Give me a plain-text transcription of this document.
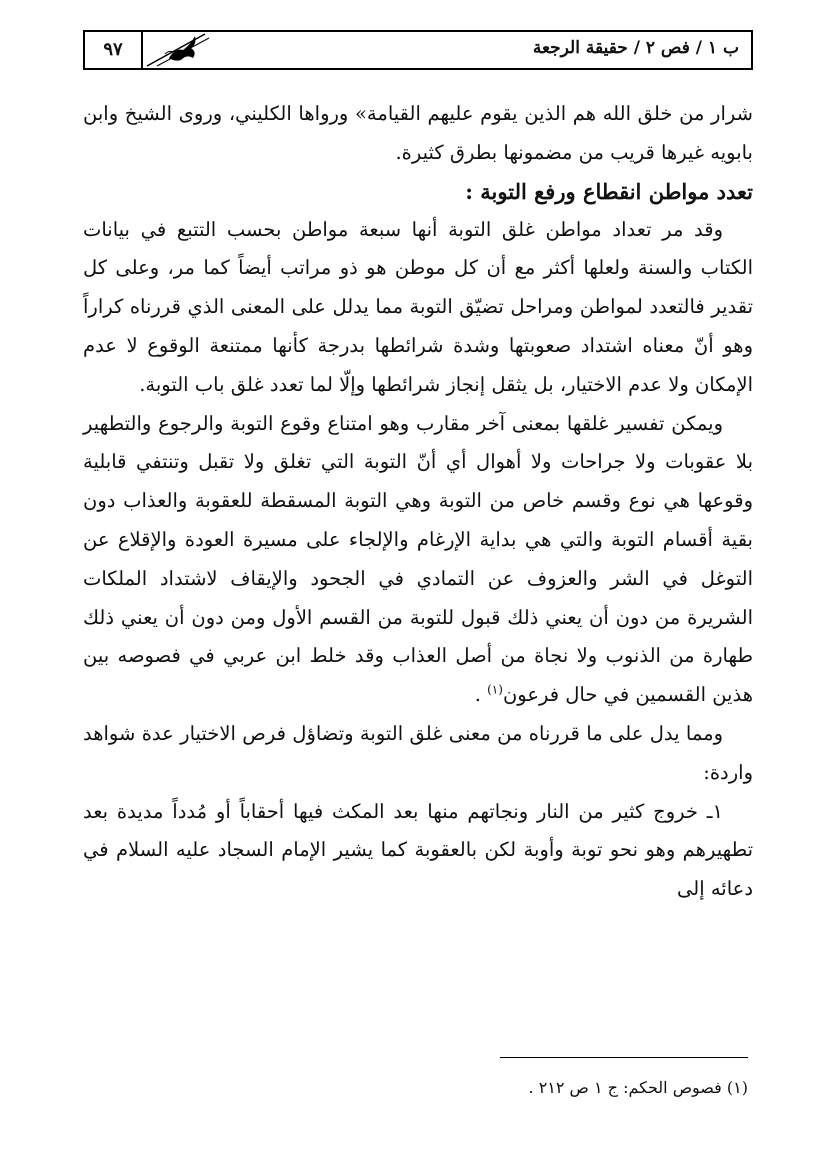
ب ١ / فص ٢ / حقيقة الرجعة
٩٧

شرار من خلق الله هم الذين يقوم عليهم القيامة» ورواها الكليني، وروى الشيخ وابن بابويه غيرها قريب من مضمونها بطرق كثيرة.

تعدد مواطن انقطاع ورفع التوبة :

وقد مر تعداد مواطن غلق التوبة أنها سبعة مواطن بحسب التتبع في بيانات الكتاب والسنة ولعلها أكثر مع أن كل موطن هو ذو مراتب أيضاً كما مر، وعلى كل تقدير فالتعدد لمواطن ومراحل تضيّق التوبة مما يدلل على المعنى الذي قررناه كراراً وهو أنّ معناه اشتداد صعوبتها وشدة شرائطها بدرجة كأنها ممتنعة الوقوع لا عدم الإمكان ولا عدم الاختيار، بل يثقل إنجاز شرائطها وإلّا لما تعدد غلق باب التوبة.

ويمكن تفسير غلقها بمعنى آخر مقارب وهو امتناع وقوع التوبة والرجوع والتطهير بلا عقوبات ولا جراحات ولا أهوال أي أنّ التوبة التي تغلق ولا تقبل وتنتفي قابلية وقوعها هي نوع وقسم خاص من التوبة وهي التوبة المسقطة للعقوبة والعذاب دون بقية أقسام التوبة والتي هي بداية الإرغام والإلجاء على مسيرة العودة والإقلاع عن التوغل في الشر والعزوف عن التمادي في الجحود والإيقاف لاشتداد الملكات الشريرة من دون أن يعني ذلك قبول للتوبة من القسم الأول ومن دون أن يعني ذلك طهارة من الذنوب ولا نجاة من أصل العذاب وقد خلط ابن عربي في فصوصه بين هذين القسمين في حال فرعون$^{(١)}$ .

ومما يدل على ما قررناه من معنى غلق التوبة وتضاؤل فرص الاختيار عدة شواهد واردة:

١ـ خروج كثير من النار ونجاتهم منها بعد المكث فيها أحقاباً أو مُدداً مديدة بعد تطهيرهم وهو نحو توبة وأوبة لكن بالعقوبة كما يشير الإمام السجاد عليه السلام في دعائه إلى

(١) فصوص الحكم: ج ١ ص ٢١٢ .
